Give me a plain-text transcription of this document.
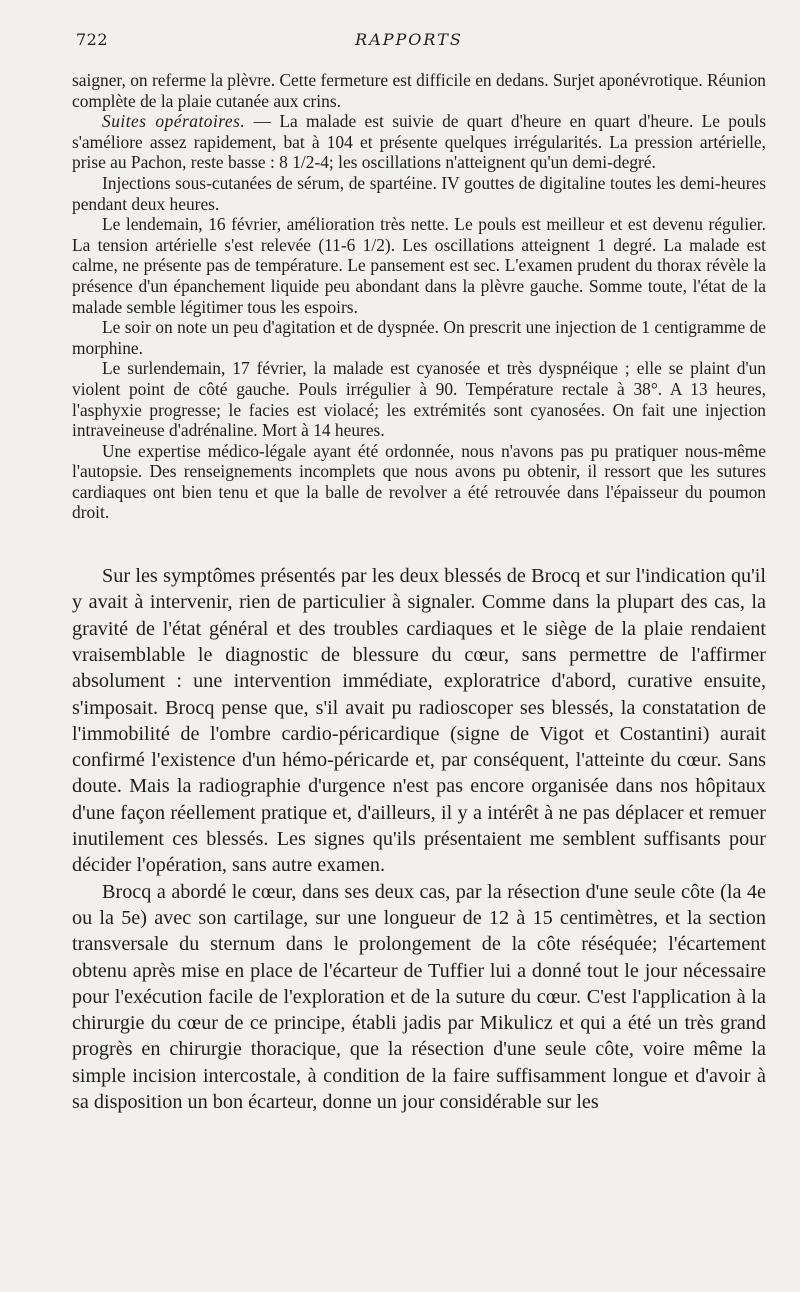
722	RAPPORTS

saigner, on referme la plèvre. Cette fermeture est difficile en dedans. Surjet aponévrotique. Réunion complète de la plaie cutanée aux crins.

Suites opératoires. — La malade est suivie de quart d'heure en quart d'heure. Le pouls s'améliore assez rapidement, bat à 104 et présente quelques irrégularités. La pression artérielle, prise au Pachon, reste basse : 8 1/2-4; les oscillations n'atteignent qu'un demi-degré.

Injections sous-cutanées de sérum, de spartéine. IV gouttes de digitaline toutes les demi-heures pendant deux heures.

Le lendemain, 16 février, amélioration très nette. Le pouls est meilleur et est devenu régulier. La tension artérielle s'est relevée (11-6 1/2). Les oscillations atteignent 1 degré. La malade est calme, ne présente pas de température. Le pansement est sec. L'examen prudent du thorax révèle la présence d'un épanchement liquide peu abondant dans la plèvre gauche. Somme toute, l'état de la malade semble légitimer tous les espoirs.

Le soir on note un peu d'agitation et de dyspnée. On prescrit une injection de 1 centigramme de morphine.

Le surlendemain, 17 février, la malade est cyanosée et très dyspnéique ; elle se plaint d'un violent point de côté gauche. Pouls irrégulier à 90. Température rectale à 38°. A 13 heures, l'asphyxie progresse; le facies est violacé; les extrémités sont cyanosées. On fait une injection intraveineuse d'adrénaline. Mort à 14 heures.

Une expertise médico-légale ayant été ordonnée, nous n'avons pas pu pratiquer nous-même l'autopsie. Des renseignements incomplets que nous avons pu obtenir, il ressort que les sutures cardiaques ont bien tenu et que la balle de revolver a été retrouvée dans l'épaisseur du poumon droit.

Sur les symptômes présentés par les deux blessés de Brocq et sur l'indication qu'il y avait à intervenir, rien de particulier à signaler. Comme dans la plupart des cas, la gravité de l'état général et des troubles cardiaques et le siège de la plaie rendaient vraisemblable le diagnostic de blessure du cœur, sans permettre de l'affirmer absolument : une intervention immédiate, exploratrice d'abord, curative ensuite, s'imposait. Brocq pense que, s'il avait pu radioscoper ses blessés, la constatation de l'immobilité de l'ombre cardio-péricardique (signe de Vigot et Costantini) aurait confirmé l'existence d'un hémo-péricarde et, par conséquent, l'atteinte du cœur. Sans doute. Mais la radiographie d'urgence n'est pas encore organisée dans nos hôpitaux d'une façon réellement pratique et, d'ailleurs, il y a intérêt à ne pas déplacer et remuer inutilement ces blessés. Les signes qu'ils présentaient me semblent suffisants pour décider l'opération, sans autre examen.

Brocq a abordé le cœur, dans ses deux cas, par la résection d'une seule côte (la 4e ou la 5e) avec son cartilage, sur une longueur de 12 à 15 centimètres, et la section transversale du sternum dans le prolongement de la côte réséquée; l'écartement obtenu après mise en place de l'écarteur de Tuffier lui a donné tout le jour nécessaire pour l'exécution facile de l'exploration et de la suture du cœur. C'est l'application à la chirurgie du cœur de ce principe, établi jadis par Mikulicz et qui a été un très grand progrès en chirurgie thoracique, que la résection d'une seule côte, voire même la simple incision intercostale, à condition de la faire suffisamment longue et d'avoir à sa disposition un bon écarteur, donne un jour considérable sur les
